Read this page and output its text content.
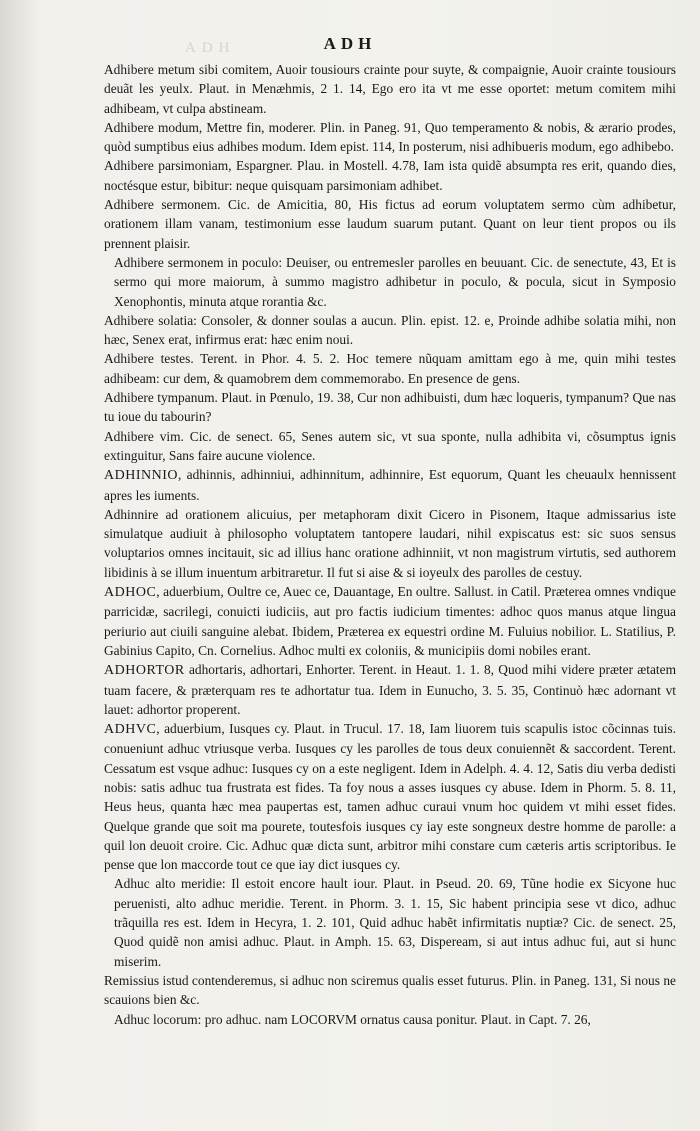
ADH	ADH

Adhibere metum sibi comitem, Auoir tousiours crainte pour suyte, & compaignie, Auoir crainte tousiours deuãt les yeulx. Plaut. in Menæhmis, 2 1. 14, Ego ero ita vt me esse oportet: metum comitem mihi adhibeam, vt culpa abstineam.

Adhibere modum, Mettre fin, moderer. Plin. in Paneg. 91, Quo temperamento & nobis, & ærario prodes, quòd sumptibus eius adhibes modum. Idem epist. 114, In posterum, nisi adhibueris modum, ego adhibebo.

Adhibere parsimoniam, Espargner. Plau. in Mostell. 4.78, Iam ista quidẽ absumpta res erit, quando dies, noctésque estur, bibitur: neque quisquam parsimoniam adhibet.

Adhibere sermonem. Cic. de Amicitia, 80, His fictus ad eorum voluptatem sermo cùm adhibetur, orationem illam vanam, testimonium esse laudum suarum putant. Quant on leur tient propos ou ils prennent plaisir.

Adhibere sermonem in poculo: Deuiser, ou entremesler parolles en beuuant. Cic. de senectute, 43, Et is sermo qui more maiorum, à summo magistro adhibetur in poculo, & pocula, sicut in Symposio Xenophontis, minuta atque rorantia &c.

Adhibere solatia: Consoler, & donner soulas a aucun. Plin. epist. 12. e, Proinde adhibe solatia mihi, non hæc, Senex erat, infirmus erat: hæc enim noui.

Adhibere testes. Terent. in Phor. 4. 5. 2. Hoc temere nũquam amittam ego à me, quin mihi testes adhibeam: cur dem, & quamobrem dem commemorabo. En presence de gens.

Adhibere tympanum. Plaut. in Pœnulo, 19. 38, Cur non adhibuisti, dum hæc loqueris, tympanum? Que nas tu ioue du tabourin?

Adhibere vim. Cic. de senect. 65, Senes autem sic, vt sua sponte, nulla adhibita vi, cõsumptus ignis extinguitur, Sans faire aucune violence.

ADHINNIO, adhinnis, adhinniui, adhinnitum, adhinnire, Est equorum, Quant les cheuaulx hennissent apres les iuments.

Adhinnire ad orationem alicuius, per metaphoram dixit Cicero in Pisonem, Itaque admissarius iste simulatque audiuit à philosopho voluptatem tantopere laudari, nihil expiscatus est: sic suos sensus voluptarios omnes incitauit, sic ad illius hanc oratione adhinniit, vt non magistrum virtutis, sed authorem libidinis à se illum inuentum arbitraretur. Il fut si aise & si ioyeulx des parolles de cestuy.

ADHOC, aduerbium, Oultre ce, Auec ce, Dauantage, En oultre. Sallust. in Catil. Præterea omnes vndique parricidæ, sacrilegi, conuicti iudiciis, aut pro factis iudicium timentes: adhoc quos manus atque lingua periurio aut ciuili sanguine alebat. Ibidem, Præterea ex equestri ordine M. Fuluius nobilior. L. Statilius, P. Gabinius Capito, Cn. Cornelius. Adhoc multi ex coloniis, & municipiis domi nobiles erant.

ADHORTOR adhortaris, adhortari, Enhorter. Terent. in Heaut. 1. 1. 8, Quod mihi videre præter ætatem tuam facere, & præterquam res te adhortatur tua. Idem in Eunucho, 3. 5. 35, Continuò hæc adornant vt lauet: adhortor properent.

ADHVC, aduerbium, Iusques cy. Plaut. in Trucul. 17. 18, Iam liuorem tuis scapulis istoc cõcinnas tuis. conueniunt adhuc vtriusque verba. Iusques cy les parolles de tous deux conuiennẽt & saccordent. Terent. Cessatum est vsque adhuc: Iusques cy on a este negligent. Idem in Adelph. 4. 4. 12, Satis diu verba dedisti nobis: satis adhuc tua frustrata est fides. Ta foy nous a asses iusques cy abuse. Idem in Phorm. 5. 8. 11, Heus heus, quanta hæc mea paupertas est, tamen adhuc curaui vnum hoc quidem vt mihi esset fides. Quelque grande que soit ma pourete, toutesfois iusques cy iay este songneux destre homme de parolle: a quil lon deuoit croire. Cic. Adhuc quæ dicta sunt, arbitror mihi constare cum cæteris artis scriptoribus. Ie pense que lon maccorde tout ce que iay dict iusques cy.

Adhuc alto meridie: Il estoit encore hault iour. Plaut. in Pseud. 20. 69, Tũne hodie ex Sicyone huc peruenisti, alto adhuc meridie. Terent. in Phorm. 3. 1. 15, Sic habent principia sese vt dico, adhuc trãquilla res est. Idem in Hecyra, 1. 2. 101, Quid adhuc habẽt infirmitatis nuptiæ? Cic. de senect. 25, Quod quidẽ non amisi adhuc. Plaut. in Amph. 15. 63, Dispeream, si aut intus adhuc fui, aut si hunc miserim.

Remissius istud contenderemus, si adhuc non sciremus qualis esset futurus. Plin. in Paneg. 131, Si nous ne scauions bien &c.

Adhuc locorum: pro adhuc. nam LOCORVM ornatus causa ponitur. Plaut. in Capt. 7. 26,
